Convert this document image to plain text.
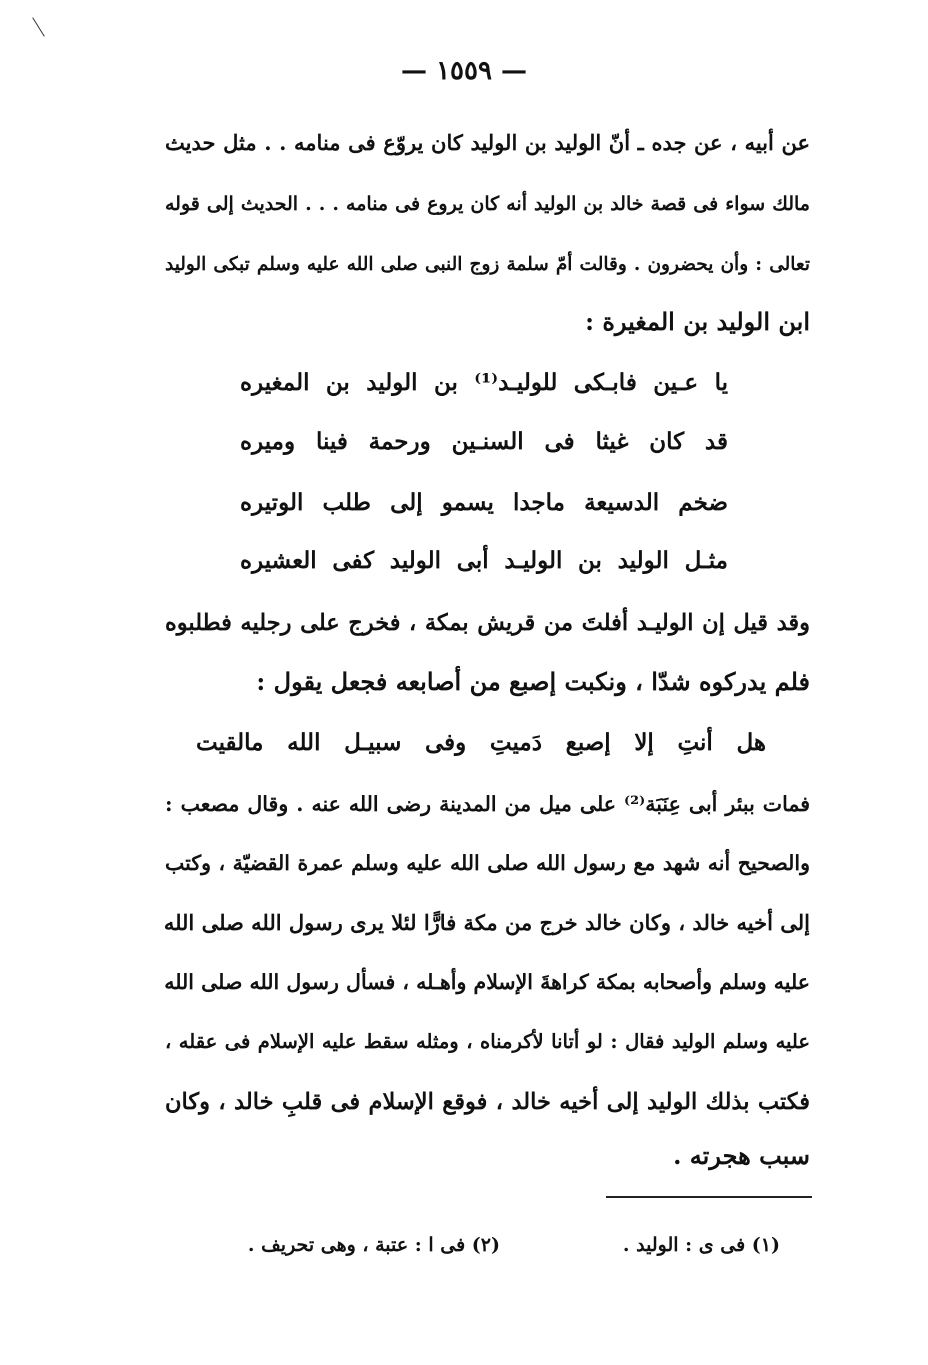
— ١٥٥٩ —
عن أبيه ، عن جده ـ أنّ الوليد بن الوليد كان يروّع فى منامه . . مثل حديث
مالك سواء فى قصة خالد بن الوليد أنه كان يروع فى منامه . . . الحديث إلى قوله
تعالى : وأن يحضرون . وقالت أمّ سلمة زوج النبى صلى الله عليه وسلم تبكى الوليد
ابن الوليد بن المغيرة :
يا عـين فابـكى للوليـد⁽¹⁾ بن الوليد بن المغيره
قد كان غيثا فى السنـين ورحمة فينا وميره
ضخم الدسيعة ماجدا يسمو إلى طلب الوتيره
مثـل الوليد بن الوليـد أبى الوليد كفى العشيره
وقد قيل إن الوليـد أفلتَ من قريش بمكة ، فخرج على رجليه فطلبوه
فلم يدركوه شدّا ، ونكبت إصبع من أصابعه فجعل يقول :
هل أنتِ إلا إصبع دَميتِ وفى سبيـل الله مالقيت
فمات ببئر أبى عِنَبَة⁽²⁾ على ميل من المدينة رضى الله عنه . وقال مصعب :
والصحيح أنه شهد مع رسول الله صلى الله عليه وسلم عمرة القضيّة ، وكتب
إلى أخيه خالد ، وكان خالد خرج من مكة فارًّا لئلا يرى رسول الله صلى الله
عليه وسلم وأصحابه بمكة كراهةَ الإسلام وأهـله ، فسأل رسول الله صلى الله
عليه وسلم الوليد فقال : لو أتانا لأكرمناه ، ومثله سقط عليه الإسلام فى عقله ،
فكتب بذلك الوليد إلى أخيه خالد ، فوقع الإسلام فى قلبِ خالد ، وكان
سبب هجرته .
(١) فى ى : الوليد .
(٢) فى ا : عتبة ، وهى تحريف .
